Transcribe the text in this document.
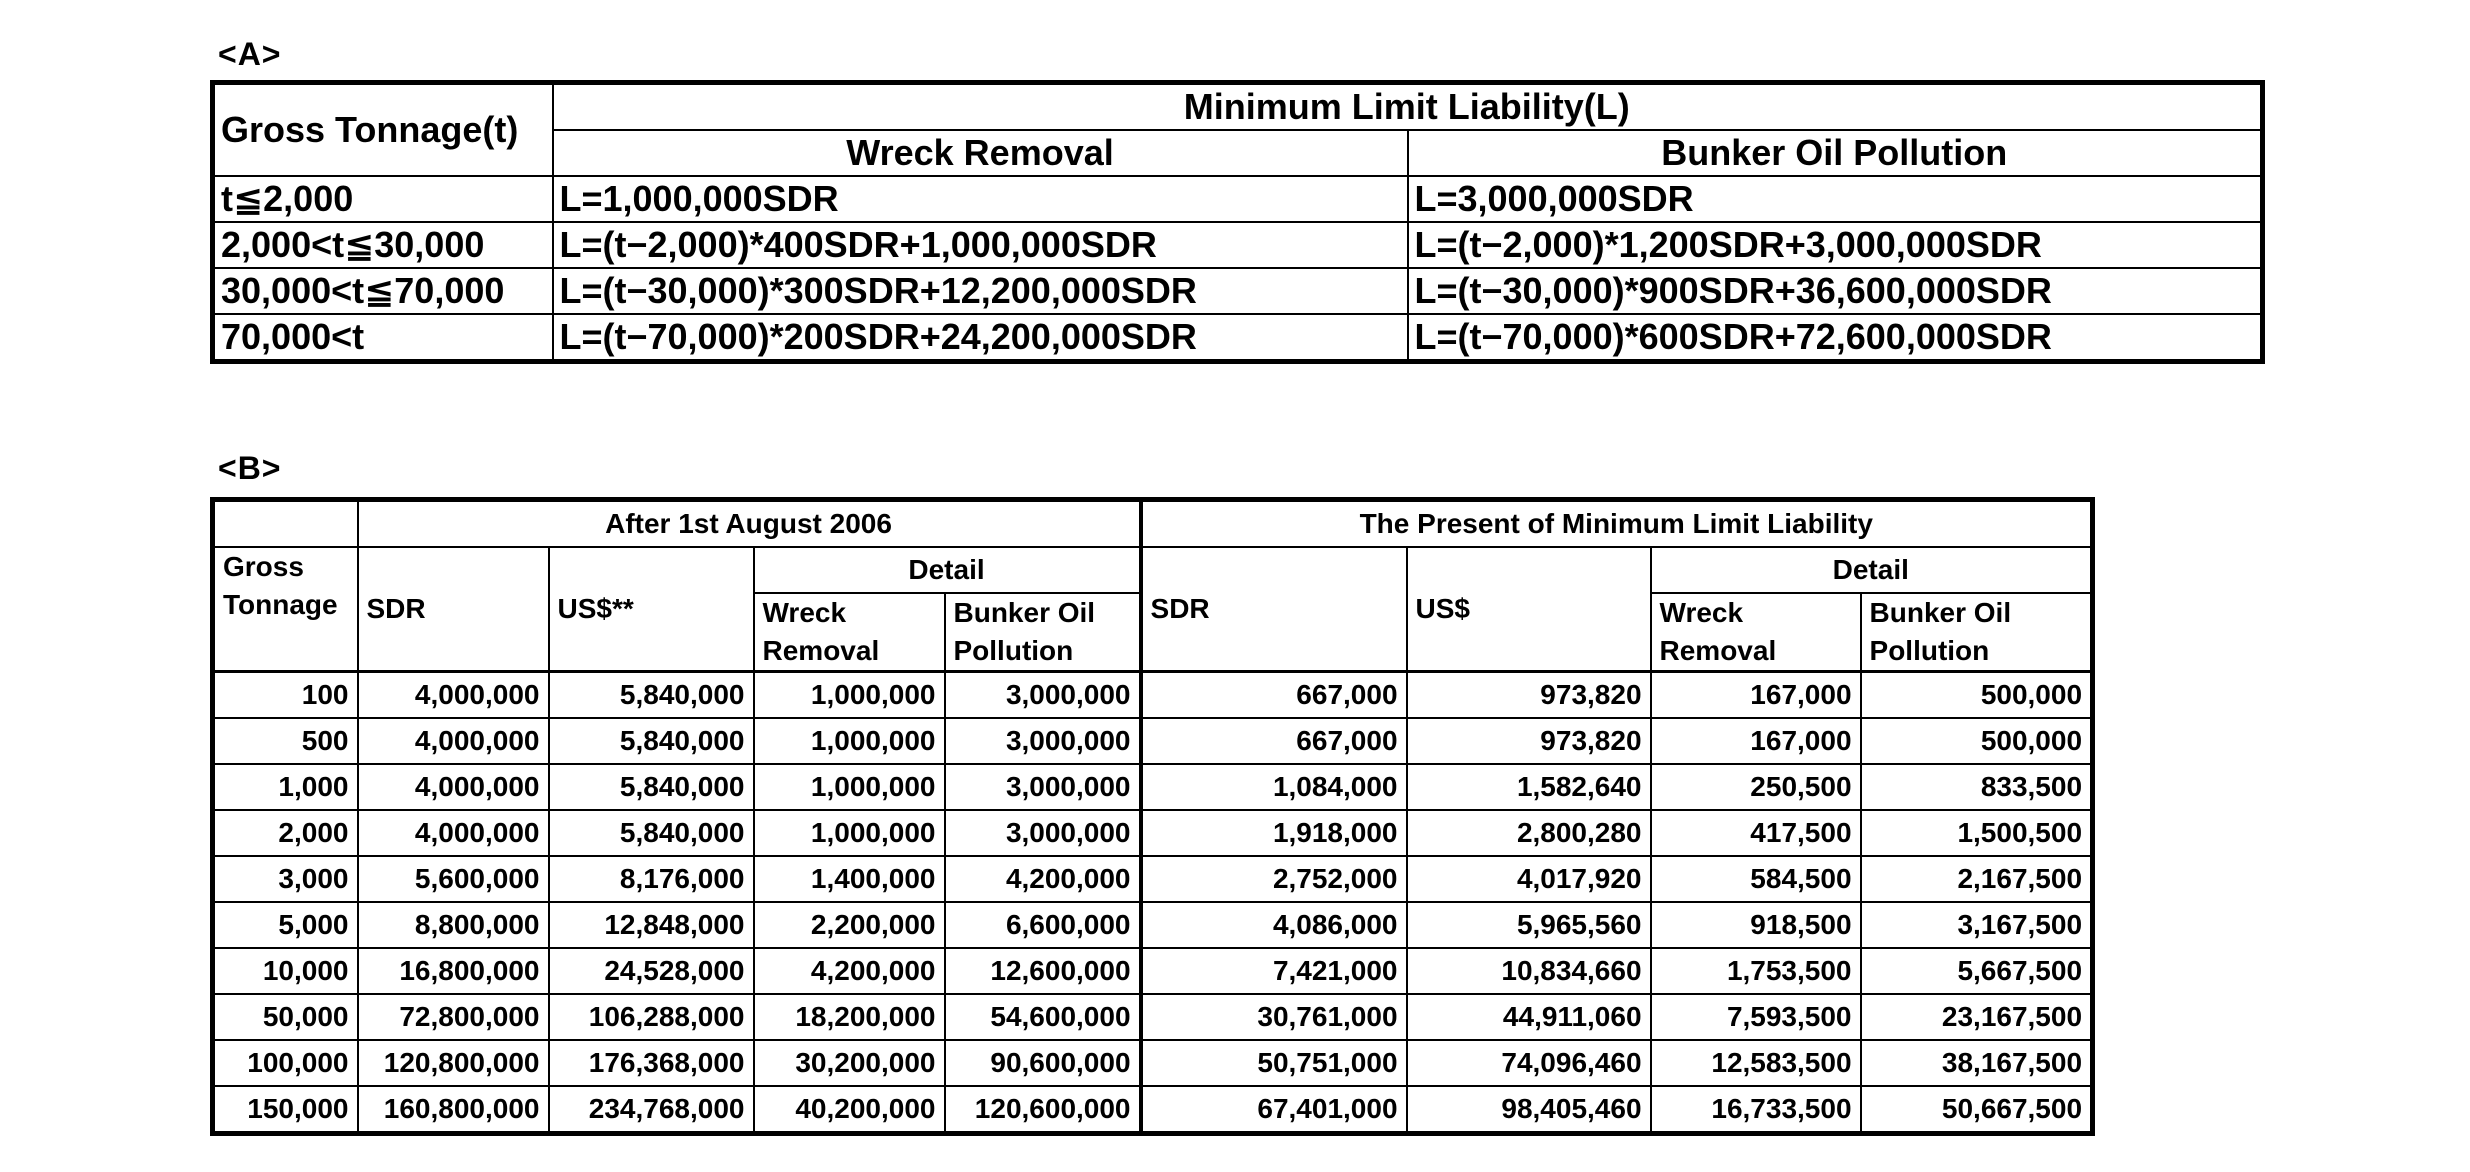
<A>
Gross Tonnage(t)	Minimum Limit Liability(L)	
	Wreck Removal	Bunker Oil Pollution
t≦2,000	L=1,000,000SDR	L=3,000,000SDR
2,000<t≦30,000	L=(t−2,000)*400SDR+1,000,000SDR	L=(t−2,000)*1,200SDR+3,000,000SDR
30,000<t≦70,000	L=(t−30,000)*300SDR+12,200,000SDR	L=(t−30,000)*900SDR+36,600,000SDR
70,000<t	L=(t−70,000)*200SDR+24,200,000SDR	L=(t−70,000)*600SDR+72,600,000SDR
<B>
	After 1st August 2006				The Present of Minimum Limit Liability			
Gross Tonnage	SDR	US$**	Detail		SDR	US$	Detail	
			Wreck Removal	Bunker Oil Pollution			Wreck Removal	Bunker Oil Pollution
100	4,000,000	5,840,000	1,000,000	3,000,000	667,000	973,820	167,000	500,000
500	4,000,000	5,840,000	1,000,000	3,000,000	667,000	973,820	167,000	500,000
1,000	4,000,000	5,840,000	1,000,000	3,000,000	1,084,000	1,582,640	250,500	833,500
2,000	4,000,000	5,840,000	1,000,000	3,000,000	1,918,000	2,800,280	417,500	1,500,500
3,000	5,600,000	8,176,000	1,400,000	4,200,000	2,752,000	4,017,920	584,500	2,167,500
5,000	8,800,000	12,848,000	2,200,000	6,600,000	4,086,000	5,965,560	918,500	3,167,500
10,000	16,800,000	24,528,000	4,200,000	12,600,000	7,421,000	10,834,660	1,753,500	5,667,500
50,000	72,800,000	106,288,000	18,200,000	54,600,000	30,761,000	44,911,060	7,593,500	23,167,500
100,000	120,800,000	176,368,000	30,200,000	90,600,000	50,751,000	74,096,460	12,583,500	38,167,500
150,000	160,800,000	234,768,000	40,200,000	120,600,000	67,401,000	98,405,460	16,733,500	50,667,500
